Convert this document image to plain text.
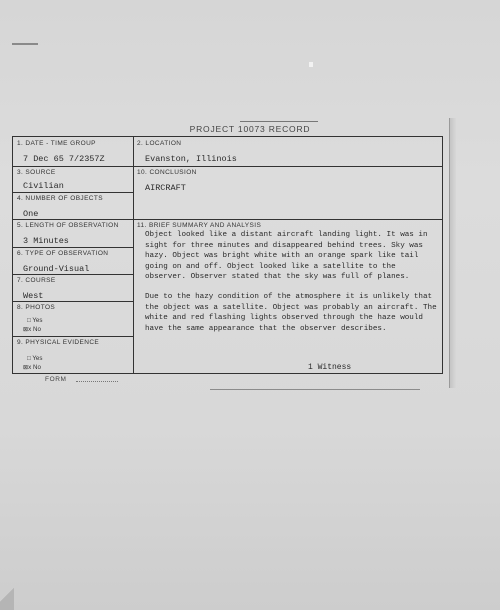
PROJECT 10073 RECORD
1. DATE - TIME GROUP
7 Dec 65 7/2357Z
3. SOURCE
Civilian
4. NUMBER OF OBJECTS
One
5. LENGTH OF OBSERVATION
3 Minutes
6. TYPE OF OBSERVATION
Ground-Visual
7. COURSE
West
8. PHOTOS
□ Yes
⊠x No
9. PHYSICAL EVIDENCE
□ Yes
⊠x No
2. LOCATION
Evanston, Illinois
10. CONCLUSION
AIRCRAFT
11. BRIEF SUMMARY AND ANALYSIS

Object looked like a distant aircraft landing light. It was in sight for three minutes and disappeared behind trees. Sky was hazy. Object was bright white with an orange spark like tail going on and off. Object looked like a satellite to the observer. Observer stated that the sky was full of planes.

Due to the hazy condition of the atmosphere it is unlikely that the object was a satellite. Object was probably an aircraft. The white and red flashing lights observed through the haze would have the same appearance that the observer describes.

1 Witness
FORM
